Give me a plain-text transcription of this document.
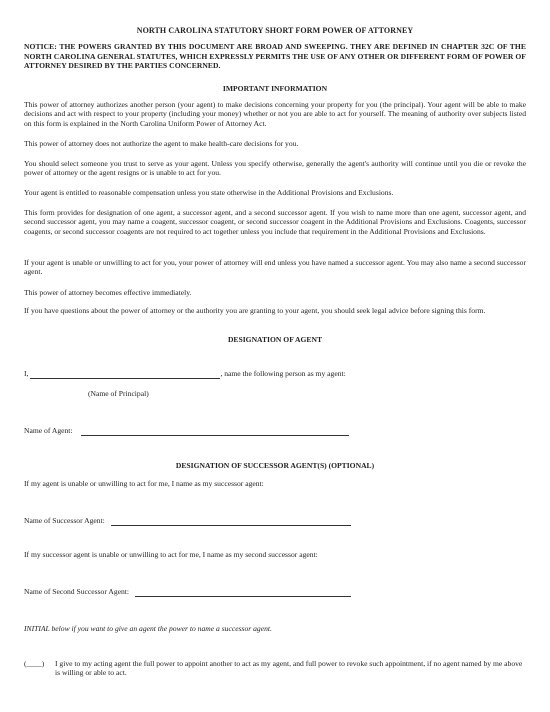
NORTH CAROLINA STATUTORY SHORT FORM POWER OF ATTORNEY

NOTICE: THE POWERS GRANTED BY THIS DOCUMENT ARE BROAD AND SWEEPING. THEY ARE DEFINED IN CHAPTER 32C OF THE NORTH CAROLINA GENERAL STATUTES, WHICH EXPRESSLY PERMITS THE USE OF ANY OTHER OR DIFFERENT FORM OF POWER OF ATTORNEY DESIRED BY THE PARTIES CONCERNED.

IMPORTANT INFORMATION

This power of attorney authorizes another person (your agent) to make decisions concerning your property for you (the principal). Your agent will be able to make decisions and act with respect to your property (including your money) whether or not you are able to act for yourself. The meaning of authority over subjects listed on this form is explained in the North Carolina Uniform Power of Attorney Act.

This power of attorney does not authorize the agent to make health-care decisions for you.

You should select someone you trust to serve as your agent. Unless you specify otherwise, generally the agent's authority will continue until you die or revoke the power of attorney or the agent resigns or is unable to act for you.

Your agent is entitled to reasonable compensation unless you state otherwise in the Additional Provisions and Exclusions.

This form provides for designation of one agent, a successor agent, and a second successor agent. If you wish to name more than one agent, successor agent, and second successor agent, you may name a coagent, successor coagent, or second successor coagent in the Additional Provisions and Exclusions. Coagents, successor coagents, or second successor coagents are not required to act together unless you include that requirement in the Additional Provisions and Exclusions.

If your agent is unable or unwilling to act for you, your power of attorney will end unless you have named a successor agent. You may also name a second successor agent.

This power of attorney becomes effective immediately.

If you have questions about the power of attorney or the authority you are granting to your agent, you should seek legal advice before signing this form.

DESIGNATION OF AGENT

I,	, name the following person as my agent:
(Name of Principal)
Name of Agent:

DESIGNATION OF SUCCESSOR AGENT(S) (OPTIONAL)

If my agent is unable or unwilling to act for me, I name as my successor agent:

Name of Successor Agent:

If my successor agent is unable or unwilling to act for me, I name as my second successor agent:

Name of Second Successor Agent:

INITIAL below if you want to give an agent the power to name a successor agent.

(____) I give to my acting agent the full power to appoint another to act as my agent, and full power to revoke such appointment, if no agent named by me above is willing or able to act.
